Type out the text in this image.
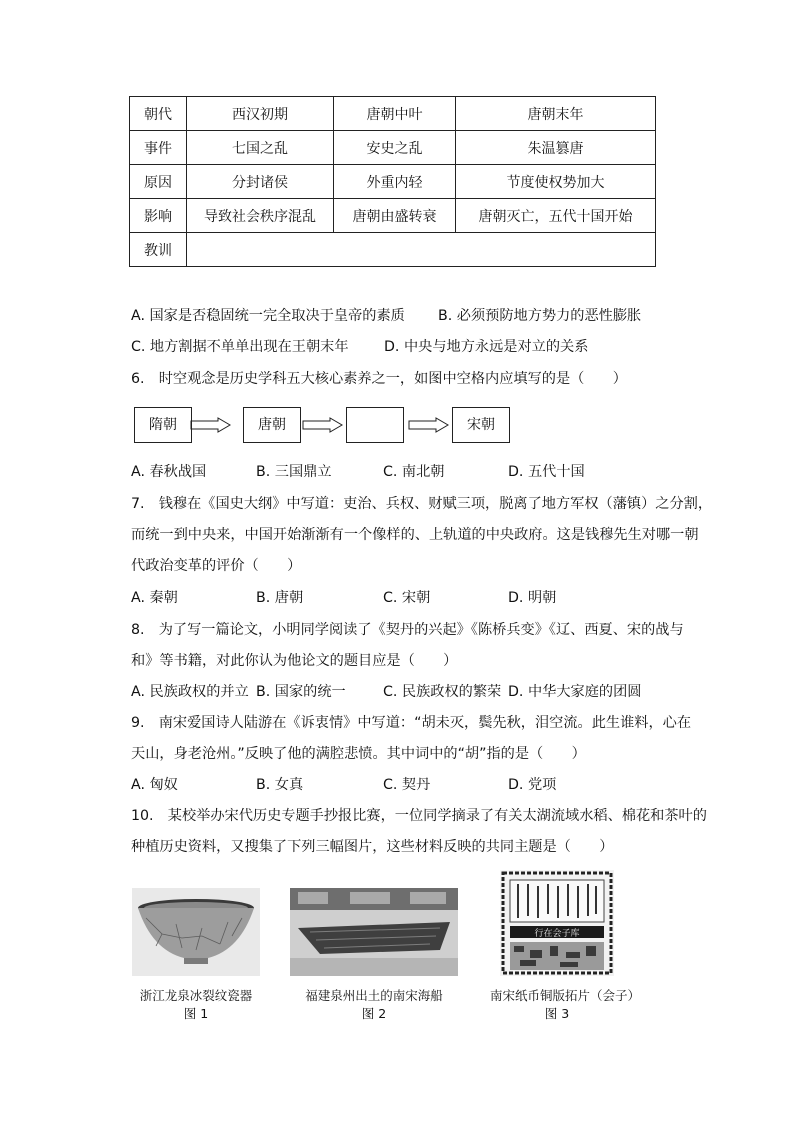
朝代	西汉初期	唐朝中叶	唐朝末年
事件	七国之乱	安史之乱	朱温篡唐
原因	分封诸侯	外重内轻	节度使权势加大
影响	导致社会秩序混乱	唐朝由盛转衰	唐朝灭亡，五代十国开始
教训			
A. 国家是否稳固统一完全取决于皇帝的素质 B. 必须预防地方势力的恶性膨胀
C. 地方割据不单单出现在王朝末年 D. 中央与地方永远是对立的关系
6.　时空观念是历史学科五大核心素养之一，如图中空格内应填写的是（　　）
隋朝	唐朝	宋朝
A. 春秋战国	B. 三国鼎立	C. 南北朝	D. 五代十国
7.　钱穆在《国史大纲》中写道：吏治、兵权、财赋三项，脱离了地方军权（藩镇）之分割，
而统一到中央来，中国开始渐渐有一个像样的、上轨道的中央政府。这是钱穆先生对哪一朝
代政治变革的评价（　　）
A. 秦朝	B. 唐朝	C. 宋朝	D. 明朝
8.　为了写一篇论文，小明同学阅读了《契丹的兴起》《陈桥兵变》《辽、西夏、宋的战与
和》等书籍，对此你认为他论文的题目应是（　　）
A. 民族政权的并立 B. 国家的统一	C. 民族政权的繁荣 D. 中华大家庭的团圆
9.　南宋爱国诗人陆游在《诉衷情》中写道：“胡未灭，鬓先秋，泪空流。此生谁料，心在
天山，身老沧州。”反映了他的满腔悲愤。其中词中的“胡”指的是（　　）
A. 匈奴	B. 女真	C. 契丹	D. 党项
10.　某校举办宋代历史专题手抄报比赛，一位同学摘录了有关太湖流域水稻、棉花和茶叶的
种植历史资料，又搜集了下列三幅图片，这些材料反映的共同主题是（　　）
浙江龙泉冰裂纹瓷器
图 1
福建泉州出土的南宋海船
图 2
行在会子库
南宋纸币铜版拓片（会子）
图 3
